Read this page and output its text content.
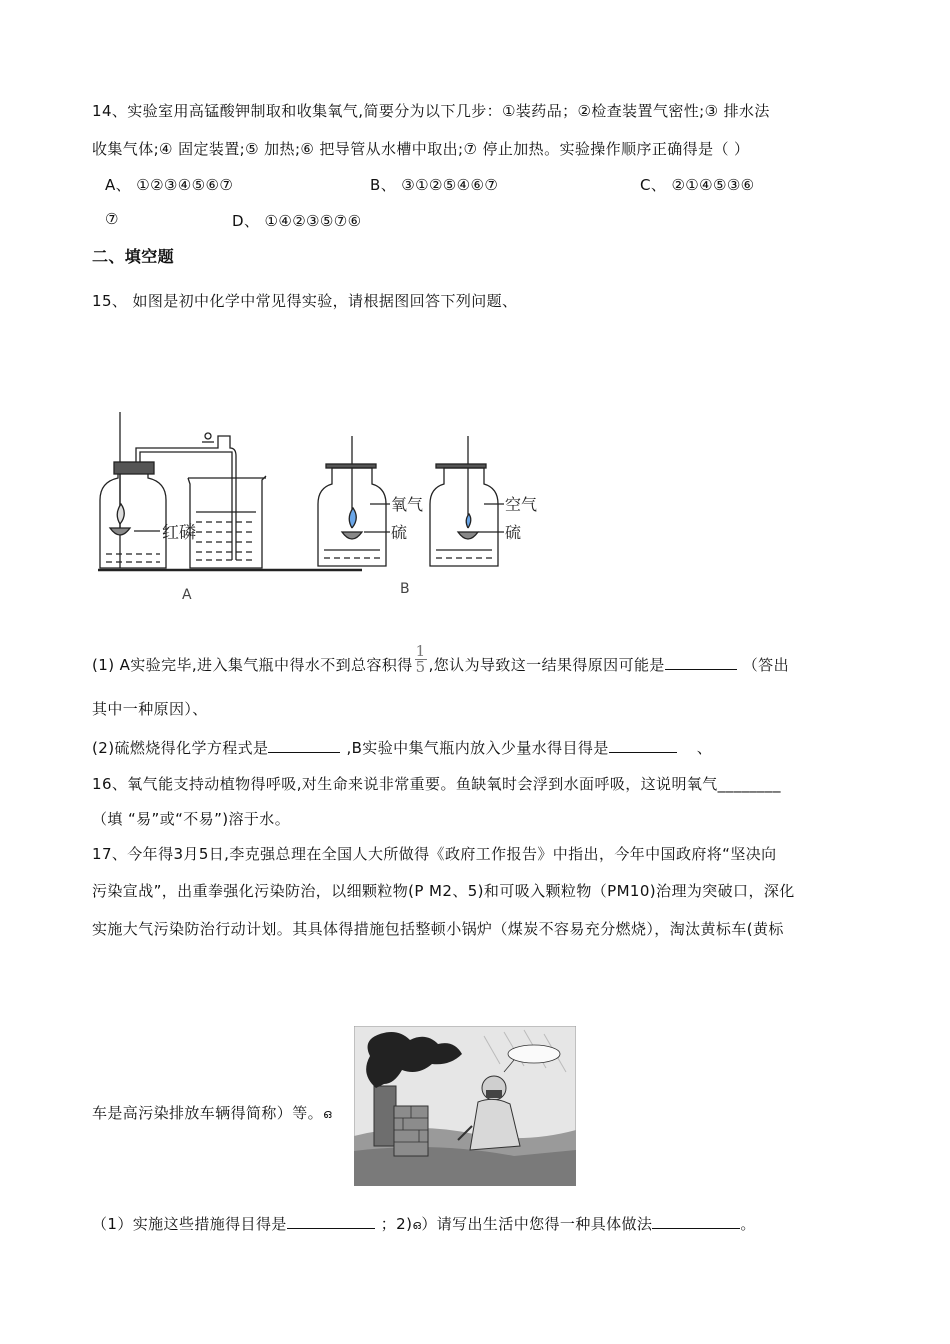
14、实验室用高锰酸钾制取和收集氧气,简要分为以下几步：①装药品；②检查装置气密性;③ 排水法
收集气体;④ 固定装置;⑤ 加热;⑥ 把导管从水槽中取出;⑦ 停止加热。实验操作顺序正确得是（ ）
A、 ①②③④⑤⑥⑦	B、 ③①②⑤④⑥⑦	C、 ②①④⑤③⑥
⑦	D、 ①④②③⑤⑦⑥
二、填空题
15、 如图是初中化学中常见得实验，请根据图回答下列问题、
红磷
氧气
硫
空气
硫
A	B
(1) A实验完毕,进入集气瓶中得水不到总容积得 $\frac{1}{5}$ ,您认为导致这一结果得原因可能是	（答出
其中一种原因）、
(2)硫燃烧得化学方程式是	,B实验中集气瓶内放入少量水得目得是	、
16、氧气能支持动植物得呼吸,对生命来说非常重要。鱼缺氧时会浮到水面呼吸，这说明氧气________
（填 “易”或“不易”)溶于水。
17、今年得3月5日,李克强总理在全国人大所做得《政府工作报告》中指出，今年中国政府将“坚决向
污染宣战”，出重拳强化污染防治，以细颗粒物(P M2、5)和可吸入颗粒物（PM10)治理为突破口，深化
实施大气污染防治行动计划。其具体得措施包括整顿小锅炉（煤炭不容易充分燃烧），淘汰黄标车(黄标
车是高污染排放车辆得简称）等。ഒ
（1）实施这些措施得目得是	；2)ഒ）请写出生活中您得一种具体做法	。
